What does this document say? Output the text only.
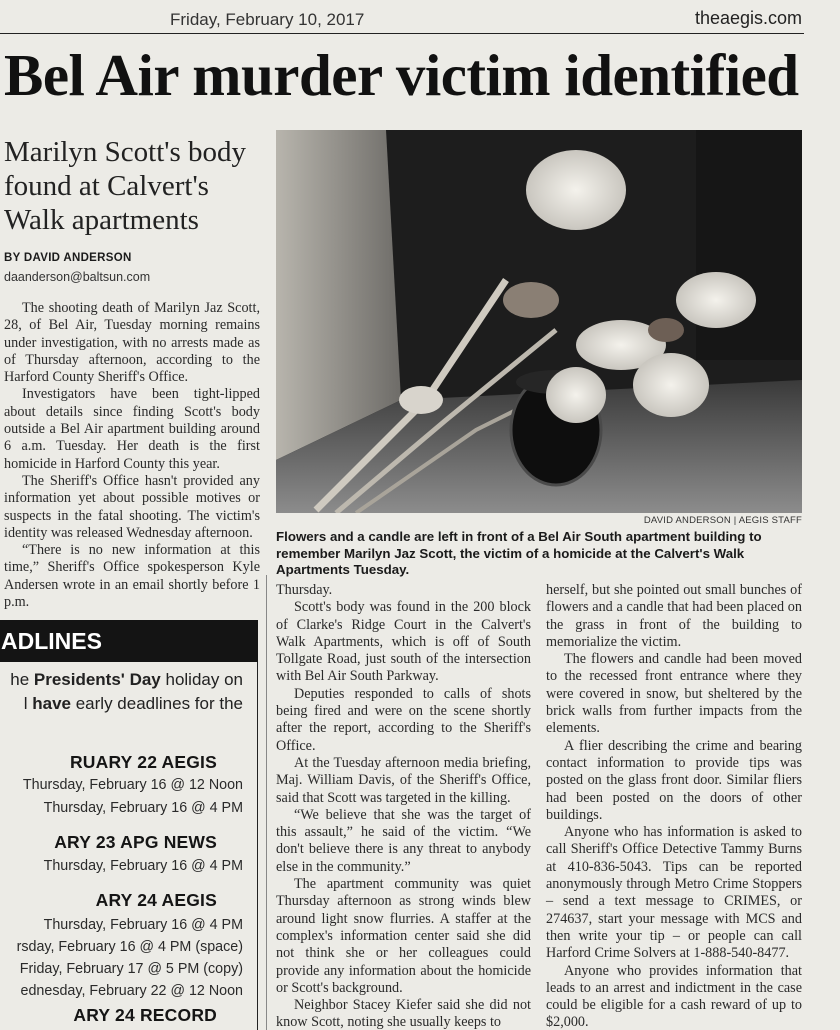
Friday, February 10, 2017	theaegis.com
Bel Air murder victim identified
Marilyn Scott's body found at Calvert's Walk apartments
BY DAVID ANDERSON
daanderson@baltsun.com

The shooting death of Marilyn Jaz Scott, 28, of Bel Air, Tuesday morning remains under investigation, with no arrests made as of Thursday afternoon, according to the Harford County Sheriff's Office.

Investigators have been tight-lipped about details since finding Scott's body outside a Bel Air apartment building around 6 a.m. Tuesday. Her death is the first homicide in Harford County this year.

The Sheriff's Office hasn't provided any information yet about possible motives or suspects in the fatal shooting. The victim's identity was released Wednesday afternoon.

“There is no new information at this time,” Sheriff's Office spokesperson Kyle Andersen wrote in an email shortly before 1 p.m.

DAVID ANDERSON | AEGIS STAFF
Flowers and a candle are left in front of a Bel Air South apartment building to remember Marilyn Jaz Scott, the victim of a homicide at the Calvert's Walk Apartments Tuesday.

Thursday.

Scott's body was found in the 200 block of Clarke's Ridge Court in the Calvert's Walk Apartments, which is off of South Tollgate Road, just south of the intersection with Bel Air South Parkway.

Deputies responded to calls of shots being fired and were on the scene shortly after the report, according to the Sheriff's Office.

At the Tuesday afternoon media briefing, Maj. William Davis, of the Sheriff's Office, said that Scott was targeted in the killing.

“We believe that she was the target of this assault,” he said of the victim. “We don't believe there is any threat to anybody else in the community.”

The apartment community was quiet Thursday afternoon as strong winds blew around light snow flurries. A staffer at the complex's information center said she did not think she or her colleagues could provide any information about the homicide or Scott's background.

Neighbor Stacey Kiefer said she did not know Scott, noting she usually keeps to

herself, but she pointed out small bunches of flowers and a candle that had been placed on the grass in front of the building to memorialize the victim.

The flowers and candle had been moved to the recessed front entrance where they were covered in snow, but sheltered by the brick walls from further impacts from the elements.

A flier describing the crime and bearing contact information to provide tips was posted on the glass front door. Similar fliers had been posted on the doors of other buildings.

Anyone who has information is asked to call Sheriff's Office Detective Tammy Burns at 410-836-5043. Tips can be reported anonymously through Metro Crime Stoppers – send a text message to CRIMES, or 274637, start your message with MCS and then write your tip – or people can call Harford Crime Solvers at 1-888-540-8477.

Anyone who provides information that leads to an arrest and indictment in the case could be eligible for a cash reward of up to $2,000.

ADLINES
he Presidents' Day holiday on
l have early deadlines for the
RUARY 22 AEGIS
Thursday, February 16 @ 12 Noon
Thursday, February 16 @ 4 PM
ARY 23 APG NEWS
Thursday, February 16 @ 4 PM
ARY 24 AEGIS
Thursday, February 16 @ 4 PM
rsday, February 16 @ 4 PM (space)
Friday, February 17 @ 5 PM (copy)
ednesday, February 22 @ 12 Noon
ARY 24 RECORD
